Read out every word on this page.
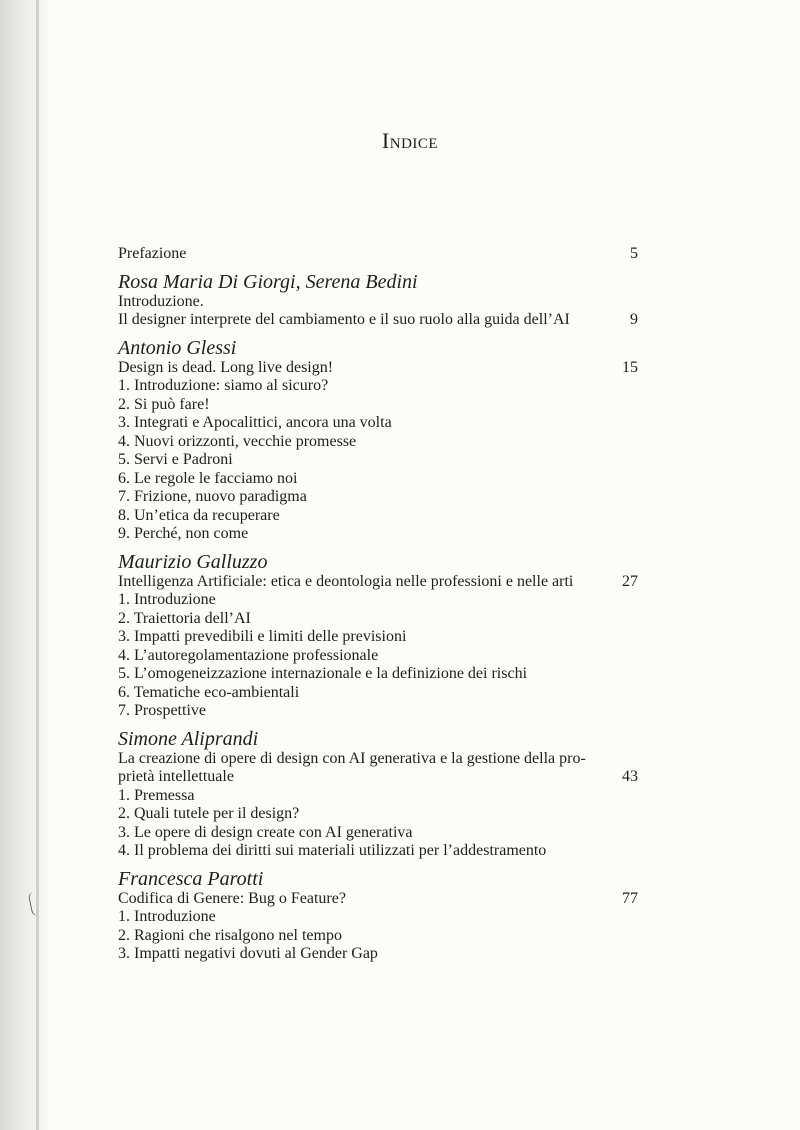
Indice
Prefazione	5
Rosa Maria Di Giorgi, Serena Bedini
Introduzione.
Il designer interprete del cambiamento e il suo ruolo alla guida dell’AI	9
Antonio Glessi
Design is dead. Long live design!	15
1. Introduzione: siamo al sicuro?
2. Si può fare!
3. Integrati e Apocalittici, ancora una volta
4. Nuovi orizzonti, vecchie promesse
5. Servi e Padroni
6. Le regole le facciamo noi
7. Frizione, nuovo paradigma
8. Un’etica da recuperare
9. Perché, non come
Maurizio Galluzzo
Intelligenza Artificiale: etica e deontologia nelle professioni e nelle arti	27
1. Introduzione
2. Traiettoria dell’AI
3. Impatti prevedibili e limiti delle previsioni
4. L’autoregolamentazione professionale
5. L’omogeneizzazione internazionale e la definizione dei rischi
6. Tematiche eco-ambientali
7. Prospettive
Simone Aliprandi
La creazione di opere di design con AI generativa e la gestione della pro-
prietà intellettuale	43
1. Premessa
2. Quali tutele per il design?
3. Le opere di design create con AI generativa
4. Il problema dei diritti sui materiali utilizzati per l’addestramento
Francesca Parotti
Codifica di Genere: Bug o Feature?	77
1. Introduzione
2. Ragioni che risalgono nel tempo
3. Impatti negativi dovuti al Gender Gap
